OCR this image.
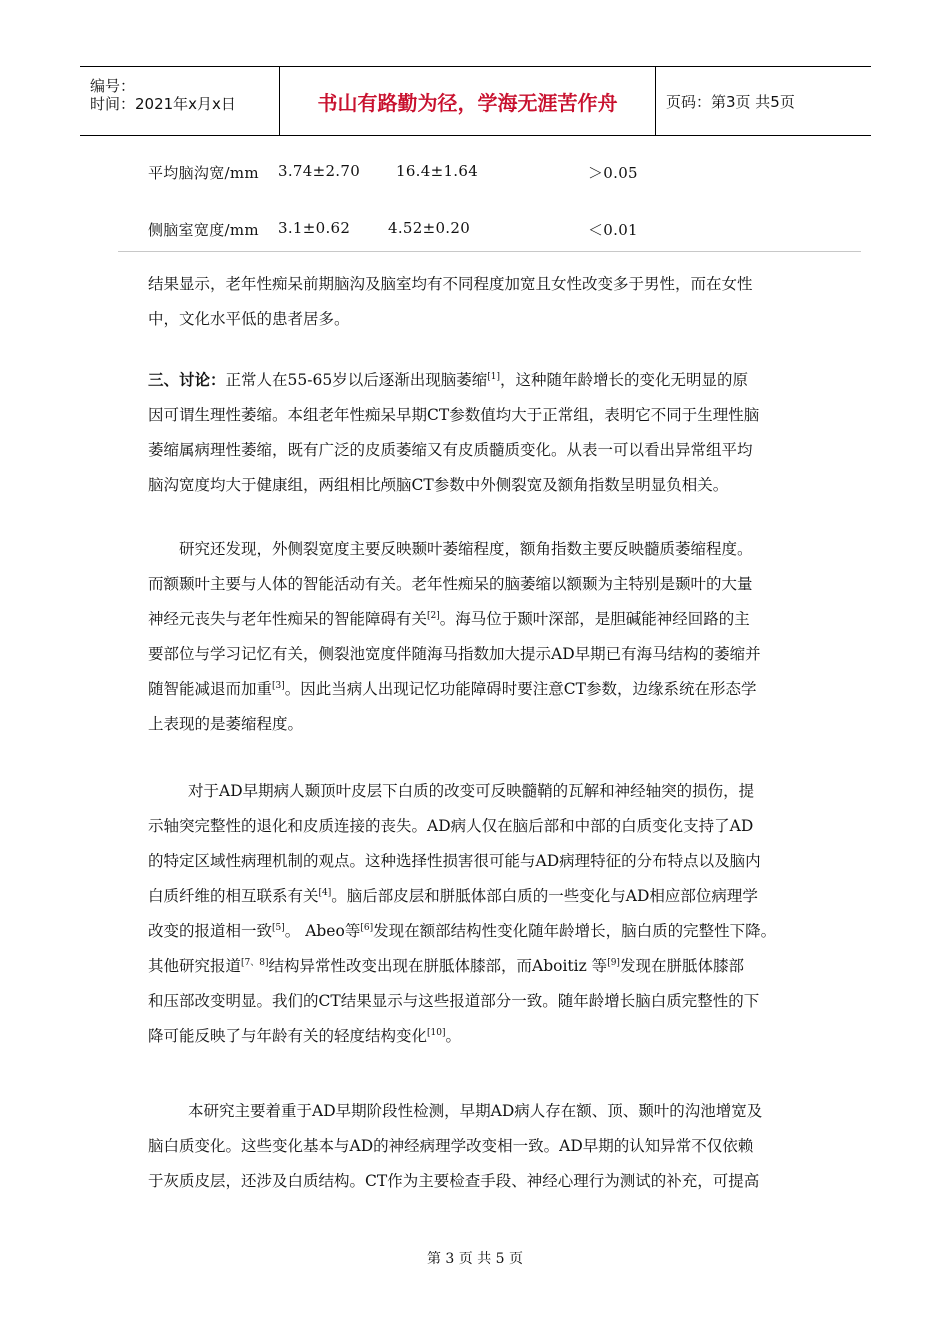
编号：
时间：2021年x月x日	书山有路勤为径，学海无涯苦作舟	页码：第3页 共5页
平均脑沟宽/mm 3.74±2.70 16.4±1.64	＞0.05
侧脑室宽度/mm 3.1±0.62	4.52±0.20	＜0.01
结果显示，老年性痴呆前期脑沟及脑室均有不同程度加宽且女性改变多于男性，而在女性
中，文化水平低的患者居多。
三、讨论：正常人在55-65岁以后逐渐出现脑萎缩[1]，这种随年龄增长的变化无明显的原
因可谓生理性萎缩。本组老年性痴呆早期CT参数值均大于正常组，表明它不同于生理性脑
萎缩属病理性萎缩，既有广泛的皮质萎缩又有皮质髓质变化。从表一可以看出异常组平均
脑沟宽度均大于健康组，两组相比颅脑CT参数中外侧裂宽及额角指数呈明显负相关。
研究还发现，外侧裂宽度主要反映颞叶萎缩程度，额角指数主要反映髓质萎缩程度。
而额颞叶主要与人体的智能活动有关。老年性痴呆的脑萎缩以额颞为主特别是颞叶的大量
神经元丧失与老年性痴呆的智能障碍有关[2]。海马位于颞叶深部，是胆碱能神经回路的主
要部位与学习记忆有关，侧裂池宽度伴随海马指数加大提示AD早期已有海马结构的萎缩并
随智能减退而加重[3]。因此当病人出现记忆功能障碍时要注意CT参数，边缘系统在形态学
上表现的是萎缩程度。
对于AD早期病人颞顶叶皮层下白质的改变可反映髓鞘的瓦解和神经轴突的损伤，提
示轴突完整性的退化和皮质连接的丧失。AD病人仅在脑后部和中部的白质变化支持了AD
的特定区域性病理机制的观点。这种选择性损害很可能与AD病理特征的分布特点以及脑内
白质纤维的相互联系有关[4]。脑后部皮层和胼胝体部白质的一些变化与AD相应部位病理学
改变的报道相一致[5]。 Abeo等[6]发现在额部结构性变化随年龄增长，脑白质的完整性下降。
其他研究报道[7、8]结构异常性改变出现在胼胝体膝部，而Aboitiz 等[9]发现在胼胝体膝部
和压部改变明显。我们的CT结果显示与这些报道部分一致。随年龄增长脑白质完整性的下
降可能反映了与年龄有关的轻度结构变化[10]。
本研究主要着重于AD早期阶段性检测，早期AD病人存在额、顶、颞叶的沟池增宽及
脑白质变化。这些变化基本与AD的神经病理学改变相一致。AD早期的认知异常不仅依赖
于灰质皮层，还涉及白质结构。CT作为主要检查手段、神经心理行为测试的补充，可提高
第 3 页 共 5 页
